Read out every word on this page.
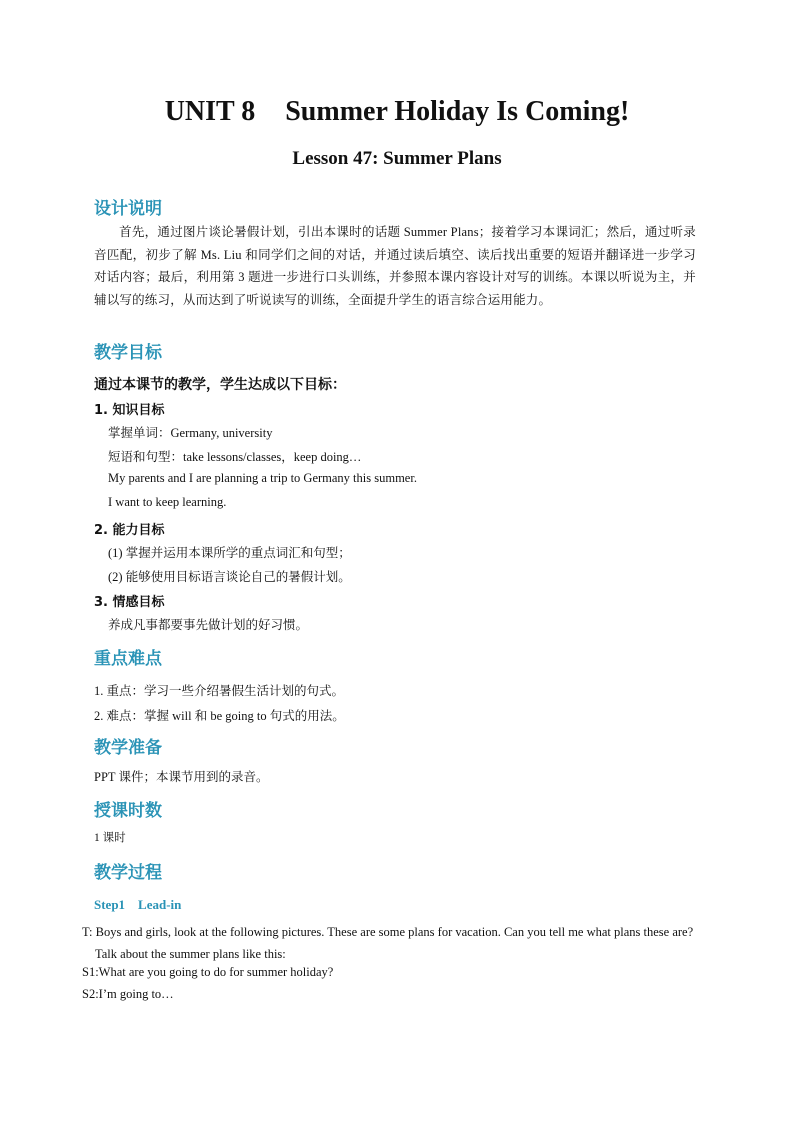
UNIT 8 Summer Holiday Is Coming!
Lesson 47: Summer Plans
设计说明
首先，通过图片谈论暑假计划，引出本课时的话题 Summer Plans；接着学习本课词汇；然后，通过听录音匹配，初步了解 Ms. Liu 和同学们之间的对话，并通过读后填空、读后找出重要的短语并翻译进一步学习对话内容；最后，利用第 3 题进一步进行口头训练，并参照本课内容设计对写的训练。本课以听说为主，并辅以写的练习，从而达到了听说读写的训练，全面提升学生的语言综合运用能力。
教学目标
通过本课节的教学，学生达成以下目标：
1. 知识目标
掌握单词：Germany, university
短语和句型：take lessons/classes，keep doing…
My parents and I are planning a trip to Germany this summer.
I want to keep learning.
2. 能力目标
(1) 掌握并运用本课所学的重点词汇和句型；
(2) 能够使用目标语言谈论自己的暑假计划。
3. 情感目标
养成凡事都要事先做计划的好习惯。
重点难点
1. 重点：学习一些介绍暑假生活计划的句式。
2. 难点：掌握 will 和 be going to 句式的用法。
教学准备
PPT 课件；本课节用到的录音。
授课时数
1 课时
教学过程
Step1    Lead-in
T: Boys and girls, look at the following pictures. These are some plans for vacation. Can you tell me what plans these are? Talk about the summer plans like this:
S1:What are you going to do for summer holiday?
S2:I’m going to…
